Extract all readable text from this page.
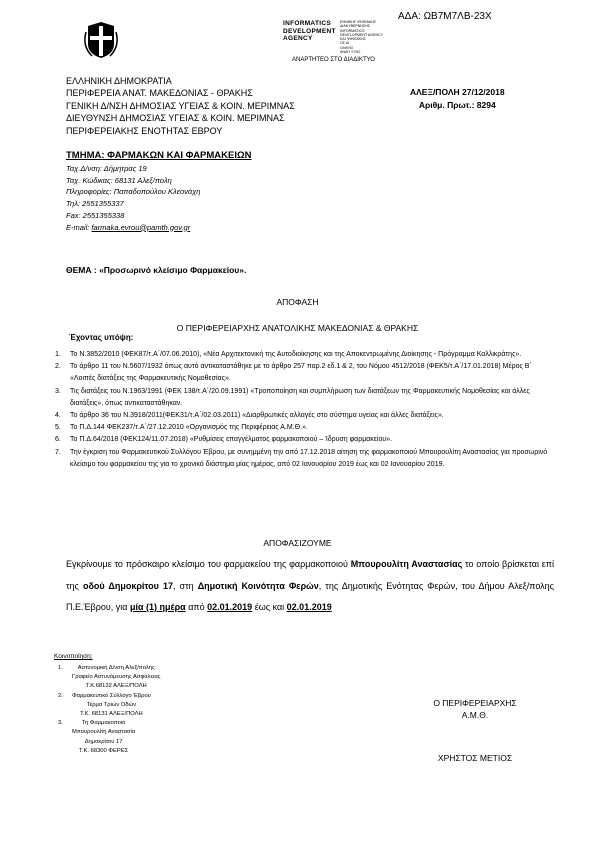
ΑΔΑ: ΩΒ7Μ7ΛΒ-23Χ
INFORMATICS
DEVELOPMENT
AGENCY
ΕΘΝΙΚΗΣ ΨΗΦΙΑΚΗΣ
ΔΙΑΚΥΒΕΡΝΗΣΗΣ
INFORMATICS
DEVELOPMENT AGENCY
ΚΑΙ ΨΗΦΙΑΚΗΣ
ΟΣ ΑΙ
ΟΛΙΚΗΣ
ΑΝΑΠ ΥΞΗΣ
ΑΝΑΡΤΗΤΕΟ ΣΤΟ ΔΙΑΔΙΚΤΥΟ
ΕΛΛΗΝΙΚΗ ΔΗΜΟΚΡΑΤΙΑ
ΠΕΡΙΦΕΡΕΙΑ ΑΝΑΤ. ΜΑΚΕΔΟΝΙΑΣ - ΘΡΑΚΗΣ
ΓΕΝΙΚΗ Δ/ΝΣΗ ΔΗΜΟΣΙΑΣ ΥΓΕΙΑΣ & ΚΟΙΝ. ΜΕΡΙΜΝΑΣ
ΔΙΕΥΘΥΝΣΗ ΔΗΜΟΣΙΑΣ ΥΓΕΙΑΣ & ΚΟΙΝ. ΜΕΡΙΜΝΑΣ
ΠΕΡΙΦΕΡΕΙΑΚΗΣ ΕΝΟΤΗΤΑΣ ΕΒΡΟΥ
ΤΜΗΜΑ: ΦΑΡΜΑΚΩΝ ΚΑΙ ΦΑΡΜΑΚΕΙΩΝ
Ταχ.Δ/νση: Δήμητρας 19
Ταχ. Κώδικας: 68131 Αλεξ/πολη
Πληροφορίες: Παπαδοπούλου Κλεονάχη
Τηλ: 2551355337
Fax: 2551355338
E-mail: farmaka.evrou@pamth.gov.gr
ΑΛΕΞ/ΠΟΛΗ 27/12/2018
Αριθμ. Πρωτ.: 8294
ΘΕΜΑ : «Προσωρινό κλείσιμο Φαρμακείου».
ΑΠΟΦΑΣΗ
Ο ΠΕΡΙΦΕΡΕΙΑΡΧΗΣ ΑΝΑΤΟΛΙΚΗΣ ΜΑΚΕΔΟΝΙΑΣ & ΘΡΑΚΗΣ
Έχοντας υπόψη:
1.	Το Ν.3852/2010 (ΦΕΚ87/τ.Α΄/07.06.2010), «Νέα Αρχιτεκτονική της Αυτοδιοίκησης και της Αποκεντρωμένης Διοίκησης - Πρόγραμμα Καλλικράτης».
2.	Το άρθρο 11 του Ν.5607/1932 όπως αυτό αντικαταστάθηκε με το άρθρο 257 παρ.2 εδ.1 & 2, του Νόμου 4512/2018 (ΦΕΚ5/τ.Α΄/17.01.2018) Μέρος Β΄ «Λοιπές διατάξεις της Φαρμακευτικής Νομοθεσίας».
3.	Τις διατάξεις του Ν.1963/1991 (ΦΕΚ 138/τ.Α΄/20.09.1991) «Τροποποίηση και συμπλήρωση των διατάξεων της Φαρμακευτικής Νομοθεσίας και άλλες διατάξεις», όπως αντικαταστάθηκαν.
4.	Το άρθρο 36 του Ν.3918/2011(ΦΕΚ31/τ.Α΄/02.03.2011) «Διαρθρωτικές αλλαγές στο σύστημα υγείας και άλλες διατάξεις».
5.	Το Π.Δ.144 ΦΕΚ237/τ.Α΄/27.12.2010 «Οργανισμός της Περιφέρειας Α.Μ.Θ.».
6.	Το Π.Δ.64/2018 (ΦΕΚ124/11.07.2018) «Ρυθμίσεις επαγγέλματος φαρμακοποιού – Ίδρυση φαρμακείου».
7.	Την έγκριση του Φαρμακευτικού Συλλόγου Έβρου, με συνημμένη την από 17.12.2018 αίτηση της φαρμακοποιού Μπουρουλίτη Αναστασίας για προσωρινό κλείσιμο του φαρμακείου της για το χρονικό διάστημα μίας ημέρας, από 02 Ιανουαρίου 2019 έως και 02 Ιανουαρίου 2019.
ΑΠΟΦΑΣΙΖΟΥΜΕ
Εγκρίνουμε το πρόσκαιρο κλείσιμο του φαρμακείου της φαρμακοποιού Μπουρουλίτη Αναστασίας το οποίο βρίσκεται επί της οδού Δημοκρίτου 17, στη Δημοτική Κοινότητα Φερών, της Δημοτικής Ενότητας Φερών, του Δήμου Αλεξ/πολης Π.Ε.Έβρου, για μία (1) ημέρα από 02.01.2019 έως και 02.01.2019
Κοινοποίηση:
1.	Αστυνομική Δ/νση Αλεξ/πολης
Γραφείο Αστυνόμευσης Ασφάλειας
Τ.Κ.68132 ΑΛΕΞ/ΠΟΛΗ
2.	Φαρμακευτικό Σύλλογο Έβρου
Τέρμα Τριών Οδών
Τ.Κ. 68131 ΑΛΕΞ/ΠΟΛΗ
3.	Τη Φαρμακοποιό
Μπουρουλίτη Αναστασία
Δημοκρίτου 17
Τ.Κ. 68300 ΦΕΡΕΣ
Ο ΠΕΡΙΦΕΡΕΙΑΡΧΗΣ
Α.Μ.Θ.
ΧΡΗΣΤΟΣ ΜΕΤΙΟΣ
